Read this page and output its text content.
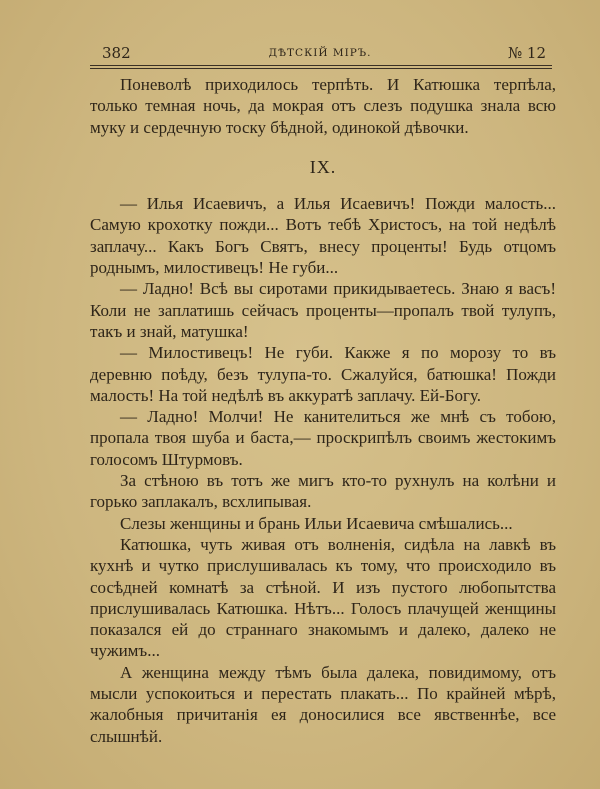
382	ДѢТСКІЙ МІРЪ.	№ 12

Поневолѣ приходилось терпѣть. И Катюшка терпѣла, только темная ночь, да мокрая отъ слезъ подушка знала всю муку и сердечную тоску бѣдной, одинокой дѣвочки.

IX.

— Илья Исаевичъ, а Илья Исаевичъ! Пожди малость... Самую крохотку пожди... Вотъ тебѣ Христосъ, на той недѣлѣ заплачу... Какъ Богъ Святъ, внесу проценты! Будь отцомъ роднымъ, милостивецъ! Не губи...

— Ладно! Всѣ вы сиротами прикидываетесь. Знаю я васъ! Коли не заплатишь сейчасъ проценты—пропалъ твой тулупъ, такъ и знай, матушка!

— Милостивецъ! Не губи. Какже я по морозу то въ деревню поѣду, безъ тулупа-то. Сжалуйся, батюшка! Пожди малость! На той недѣлѣ въ аккуратѣ заплачу. Ей-Богу.

— Ладно! Молчи! Не канителиться же мнѣ съ тобою, пропала твоя шуба и баста,— проскрипѣлъ своимъ жестокимъ голосомъ Штурмовъ.

За стѣною въ тотъ же мигъ кто-то рухнулъ на колѣни и горько заплакалъ, всхлипывая.

Слезы женщины и брань Ильи Исаевича смѣшались...

Катюшка, чуть живая отъ волненія, сидѣла на лавкѣ въ кухнѣ и чутко прислушивалась къ тому, что происходило въ сосѣдней комнатѣ за стѣной. И изъ пустого любопытства прислушивалась Катюшка. Нѣтъ... Голосъ плачущей женщины показался ей до страннаго знакомымъ и далеко, далеко не чужимъ...

А женщина между тѣмъ была далека, повидимому, отъ мысли успокоиться и перестать плакать... По крайней мѣрѣ, жалобныя причитанія ея доносилися все явственнѣе, все слышнѣй.
